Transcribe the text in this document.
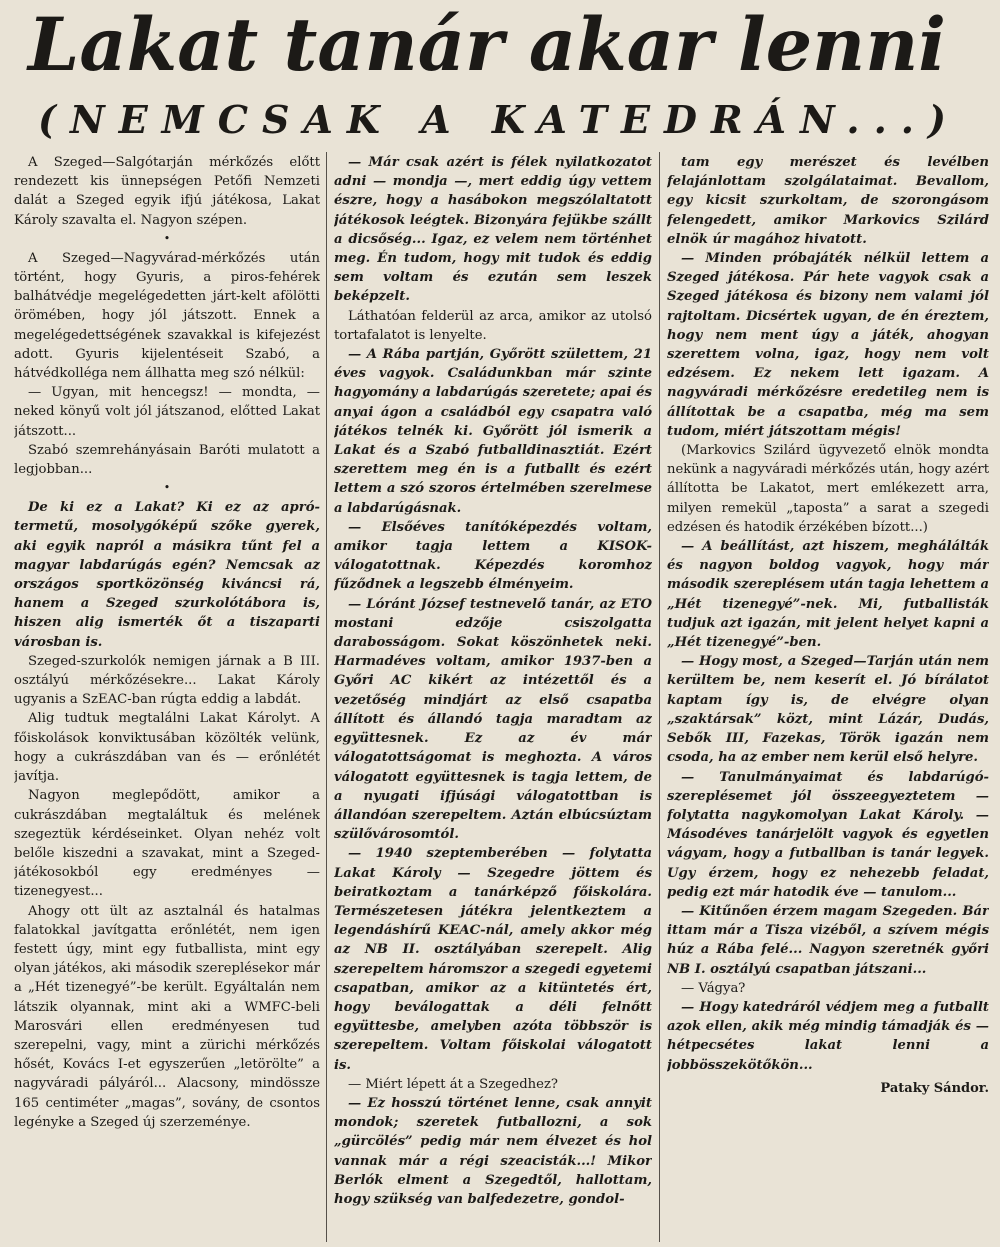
Lakat tanár akar lenni
(NEMCSAK A KATEDRÁN...)

A Szeged—Salgótarján mérkőzés előtt rendezett kis ünnepségen Petőfi Nemzeti dalát a Szeged egyik ifjú játékosa, Lakat Károly szavalta el. Nagyon szépen.

•

A Szeged—Nagyvárad-mérkőzés után történt, hogy Gyuris, a piros-fehérek balhátvédje megelégedetten járt-kelt afölötti örömében, hogy jól játszott. Ennek a megelégedettségének szavakkal is kifejezést adott. Gyuris kijelentéseit Szabó, a hátvédkolléga nem állhatta meg szó nélkül:

— Ugyan, mit hencegsz! — mondta, — neked könyű volt jól játszanod, előtted Lakat játszott...

Szabó szemrehányásain Baróti mulatott a legjobban...

•

De ki ez a Lakat? Ki ez az apró-termetű, mosolygóképű szőke gyerek, aki egyik napról a másikra tűnt fel a magyar labdarúgás egén? Nemcsak az országos sportközönség kiváncsi rá, hanem a Szeged szurkolótábora is, hiszen alig ismerték őt a tiszaparti városban is.

Szeged-szurkolók nemigen járnak a B III. osztályú mérkőzésekre... Lakat Károly ugyanis a SzEAC-ban rúgta eddig a labdát.

Alig tudtuk megtalálni Lakat Károlyt. A főiskolások konviktusában közölték velünk, hogy a cukrászdában van és — erőnlétét javítja.

Nagyon meglepődött, amikor a cukrászdában megtaláltuk és melének szegeztük kérdéseinket. Olyan nehéz volt belőle kiszedni a szavakat, mint a Szeged-játékosokból egy eredményes — tizenegyest...

Ahogy ott ült az asztalnál és hatalmas falatokkal javítgatta erőnlétét, nem igen festett úgy, mint egy futballista, mint egy olyan játékos, aki második szereplésekor már a „Hét tizenegyé”-be került. Egyáltalán nem látszik olyannak, mint aki a WMFC-beli Marosvári ellen eredményesen tud szerepelni, vagy, mint a zürichi mérkőzés hősét, Kovács I-et egyszerűen „letörölte” a nagyváradi pályáról... Alacsony, mindössze 165 centiméter „magas”, sovány, de csontos legényke a Szeged új szerzeménye.

— Már csak azért is félek nyilatkozatot adni — mondja —, mert eddig úgy vettem észre, hogy a hasábokon megszólaltatott játékosok leégtek. Bizonyára fejükbe szállt a dicsőség... Igaz, ez velem nem történhet meg. Én tudom, hogy mit tudok és eddig sem voltam és ezután sem leszek beképzelt.

Láthatóan felderül az arca, amikor az utolsó tortafalatot is lenyelte.

— A Rába partján, Győrött születtem, 21 éves vagyok. Családunkban már szinte hagyomány a labdarúgás szeretete; apai és anyai ágon a családból egy csapatra való játékos telnék ki. Győrött jól ismerik a Lakat és a Szabó futballdinasztiát. Ezért szerettem meg én is a futballt és ezért lettem a szó szoros értelmében szerelmese a labdarúgásnak.

— Elsőéves tanítóképezdés voltam, amikor tagja lettem a KISOK-válogatottnak. Képezdés koromhoz fűződnek a legszebb élményeim.

— Lóránt József testnevelő tanár, az ETO mostani edzője csiszolgatta darabosságom. Sokat köszönhetek neki. Harmadéves voltam, amikor 1937-ben a Győri AC kikért az intézettől és a vezetőség mindjárt az első csapatba állított és állandó tagja maradtam az együttesnek. Ez az év már válogatottságomat is meghozta. A város válogatott együttesnek is tagja lettem, de a nyugati ifjúsági válogatottban is állandóan szerepeltem. Aztán elbúcsúztam szülővárosomtól.

— 1940 szeptemberében — folytatta Lakat Károly — Szegedre jöttem és beiratkoztam a tanárképző főiskolára. Természetesen játékra jelentkeztem a legendáshírű KEAC-nál, amely akkor még az NB II. osztályában szerepelt. Alig szerepeltem háromszor a szegedi egyetemi csapatban, amikor az a kitüntetés ért, hogy beválogattak a déli felnőtt együttesbe, amelyben azóta többször is szerepeltem. Voltam főiskolai válogatott is.

— Miért lépett át a Szegedhez?

— Ez hosszú történet lenne, csak annyit mondok; szeretek futballozni, a sok „gürcölés” pedig már nem élvezet és hol vannak már a régi szeacisták...! Mikor Berlók elment a Szegedtől, hallottam, hogy szükség van balfedezetre, gondol-

tam egy merészet és levélben felajánlottam szolgálataimat. Bevallom, egy kicsit szurkoltam, de szorongásom felengedett, amikor Markovics Szilárd elnök úr magához hivatott.

— Minden próbajáték nélkül lettem a Szeged játékosa. Pár hete vagyok csak a Szeged játékosa és bizony nem valami jól rajtoltam. Dicsértek ugyan, de én éreztem, hogy nem ment úgy a játék, ahogyan szerettem volna, igaz, hogy nem volt edzésem. Ez nekem lett igazam. A nagyváradi mérkőzésre eredetileg nem is állítottak be a csapatba, még ma sem tudom, miért játszottam mégis!

(Markovics Szilárd ügyvezető elnök mondta nekünk a nagyváradi mérkőzés után, hogy azért állította be Lakatot, mert emlékezett arra, milyen remekül „taposta” a sarat a szegedi edzésen és hatodik érzékében bízott...)

— A beállítást, azt hiszem, meghálálták és nagyon boldog vagyok, hogy már második szereplésem után tagja lehettem a „Hét tizenegyé”-nek. Mi, futballisták tudjuk azt igazán, mit jelent helyet kapni a „Hét tizenegyé”-ben.

— Hogy most, a Szeged—Tarján után nem kerültem be, nem keserít el. Jó bírálatot kaptam így is, de elvégre olyan „szaktársak” közt, mint Lázár, Dudás, Sebők III, Fazekas, Török igazán nem csoda, ha az ember nem kerül első helyre.

— Tanulmányaimat és labdarúgó-szereplésemet jól összeegyeztetem — folytatta nagykomolyan Lakat Károly. — Másodéves tanárjelölt vagyok és egyetlen vágyam, hogy a futballban is tanár legyek. Ugy érzem, hogy ez nehezebb feladat, pedig ezt már hatodik éve — tanulom...

— Kitűnően érzem magam Szegeden. Bár ittam már a Tisza vizéből, a szívem mégis húz a Rába felé... Nagyon szeretnék győri NB I. osztályú csapatban játszani...

— Vágya?

— Hogy katedráról védjem meg a futballt azok ellen, akik még mindig támadják és — hétpecsétes lakat lenni a jobbösszekötőkön...

Pataky Sándor.
